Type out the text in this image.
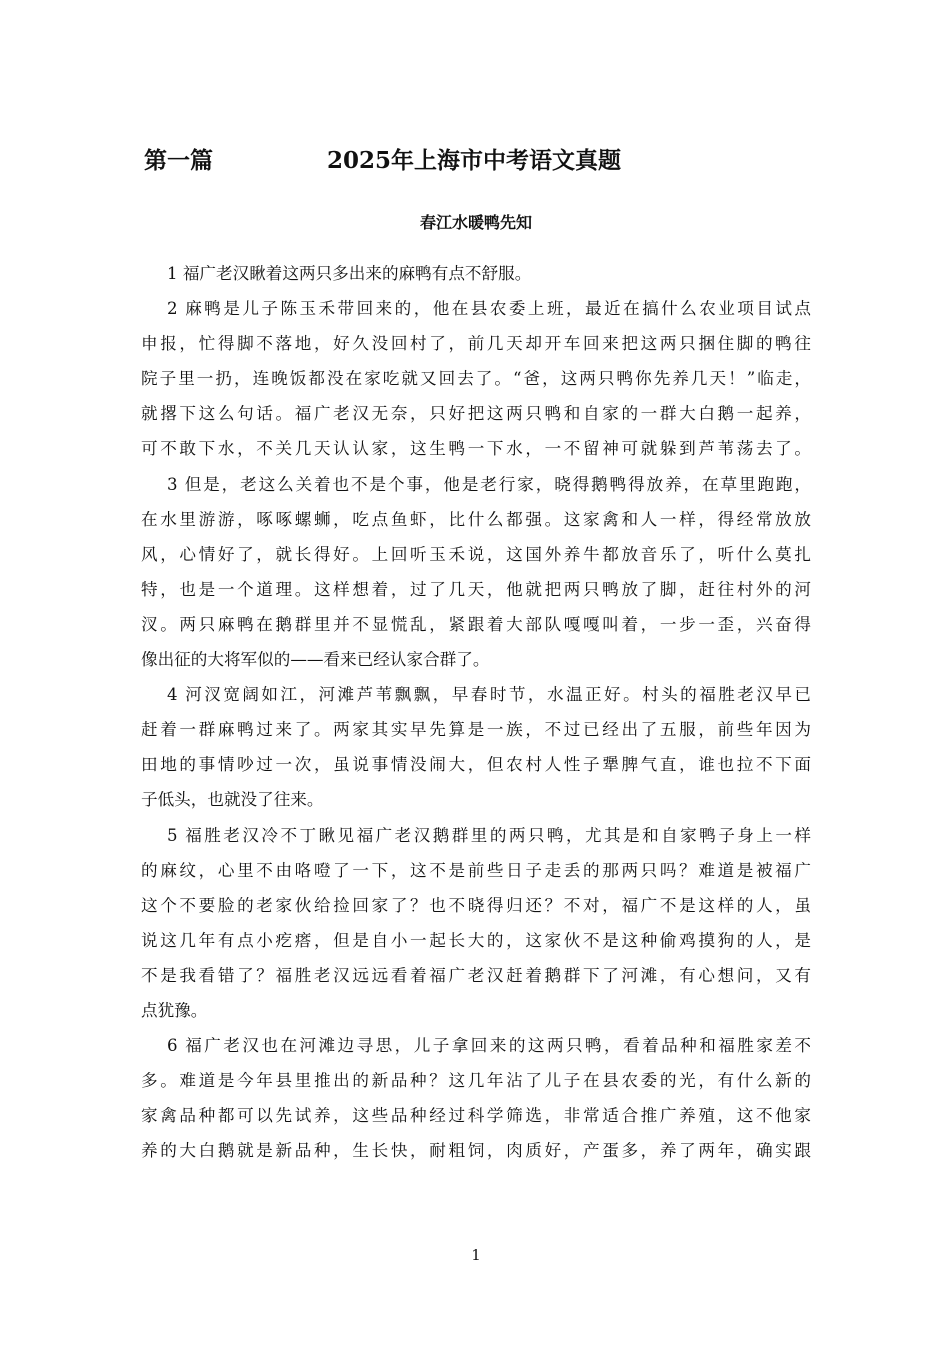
第一篇	2025年上海市中考语文真题
春江水暖鸭先知
1 福广老汉瞅着这两只多出来的麻鸭有点不舒服。
2 麻鸭是儿子陈玉禾带回来的，他在县农委上班，最近在搞什么农业项目试点
申报，忙得脚不落地，好久没回村了，前几天却开车回来把这两只捆住脚的鸭往
院子里一扔，连晚饭都没在家吃就又回去了。“爸，这两只鸭你先养几天！”临走，
就撂下这么句话。福广老汉无奈，只好把这两只鸭和自家的一群大白鹅一起养，
可不敢下水，不关几天认认家，这生鸭一下水，一不留神可就躲到芦苇荡去了。
3 但是，老这么关着也不是个事，他是老行家，晓得鹅鸭得放养，在草里跑跑，
在水里游游，啄啄螺蛳，吃点鱼虾，比什么都强。这家禽和人一样，得经常放放
风，心情好了，就长得好。上回听玉禾说，这国外养牛都放音乐了，听什么莫扎
特，也是一个道理。这样想着，过了几天，他就把两只鸭放了脚，赶往村外的河
汊。两只麻鸭在鹅群里并不显慌乱，紧跟着大部队嘎嘎叫着，一步一歪，兴奋得
像出征的大将军似的——看来已经认家合群了。
4 河汊宽阔如江，河滩芦苇飘飘，早春时节，水温正好。村头的福胜老汉早已
赶着一群麻鸭过来了。两家其实早先算是一族，不过已经出了五服，前些年因为
田地的事情吵过一次，虽说事情没闹大，但农村人性子犟脾气直，谁也拉不下面
子低头，也就没了往来。
5 福胜老汉冷不丁瞅见福广老汉鹅群里的两只鸭，尤其是和自家鸭子身上一样
的麻纹，心里不由咯噔了一下，这不是前些日子走丢的那两只吗？难道是被福广
这个不要脸的老家伙给捡回家了？也不晓得归还？不对，福广不是这样的人，虽
说这几年有点小疙瘩，但是自小一起长大的，这家伙不是这种偷鸡摸狗的人，是
不是我看错了？福胜老汉远远看着福广老汉赶着鹅群下了河滩，有心想问，又有
点犹豫。
6 福广老汉也在河滩边寻思，儿子拿回来的这两只鸭，看着品种和福胜家差不
多。难道是今年县里推出的新品种？这几年沾了儿子在县农委的光，有什么新的
家禽品种都可以先试养，这些品种经过科学筛选，非常适合推广养殖，这不他家
养的大白鹅就是新品种，生长快，耐粗饲，肉质好，产蛋多，养了两年，确实跟
1
